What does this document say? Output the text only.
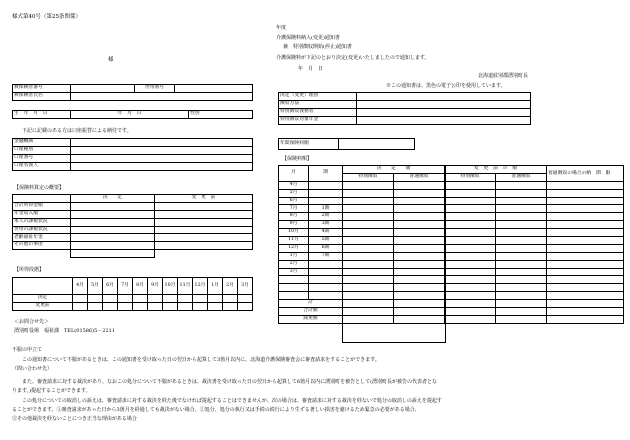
様式第40号（第25条関係）
様
年度
介護保険料納入(変更)通知書
兼　特別徴収開始(停止)通知書
介護保険料が下記のとおり決定(変更)いたしましたので通知します。
年　月　日
北海道紋別郡湧別町長
※この通知書は、黒色の電子公印を使用しています。
被保険者番号		世帯番号	
被保険者氏名			
生　年　月　日	年　月　日	性別
下記に記載のある方は口座振替による納付です。
金融機関	
口座種別	
口座番号	
口座名義人	
決定（変更）理由	
徴収方法	
特別徴収義務者	
特別徴収対象年金	
年間保険料額	
【保険料算定の概要】
	決　　定	変　更　前
合計所得金額		
年金収入額		
本人の課税状況		
世帯の課税状況		
老齢福祉年金		
その他の事由		
【所得段階】
	4月	5月	6月	7月	8月	9月	10月	11月	12月	1月	2月	3月
決定												
変更前												
＜お問合せ先＞
湧別町役場　福祉課　TEL(01586)5－2211
【保険料額】
月	期	決　　定　　額		変　更　前　の　額		普通徴収の場合の納　期　限
		特別徴収	普通徴収	特別徴収	普通徴収	
4月						
5月						
6月						
7月	1期					
8月	2期					
9月	3期					
10月	4期					
11月	5期					
12月	6期					
1月	7期					
2月						
3月						

計						
合計額						
減免額						
不服の申立て
この通知書について不服があるときは、この通知書を受け取った日の翌日から起算して3箇月以内に、北海道介護保険審査会に審査請求をすることができます。
（問い合わせ先）
また、審査請求に対する裁決があり、なおこの処分について不服があるときは、裁決書を受け取った日の翌日から起算して6箇月以内に湧別町を被告として(湧別町長が被告の代表者とな
ります。)提起することができます。
この処分についての取消しの訴えは、審査請求に対する裁決を経た後でなければ提起することはできませんが、次の場合は、審査請求に対する裁決を経ないで処分の取消しの訴えを提起す
ることができます。①審査請求があった日から3箇月を経過しても裁決がない場合、②処分、処分の執行又は手続の続行により生ずる著しい損害を避けるため緊急の必要がある場合、
③その他裁決を経ないことにつき正当な理由がある場合
